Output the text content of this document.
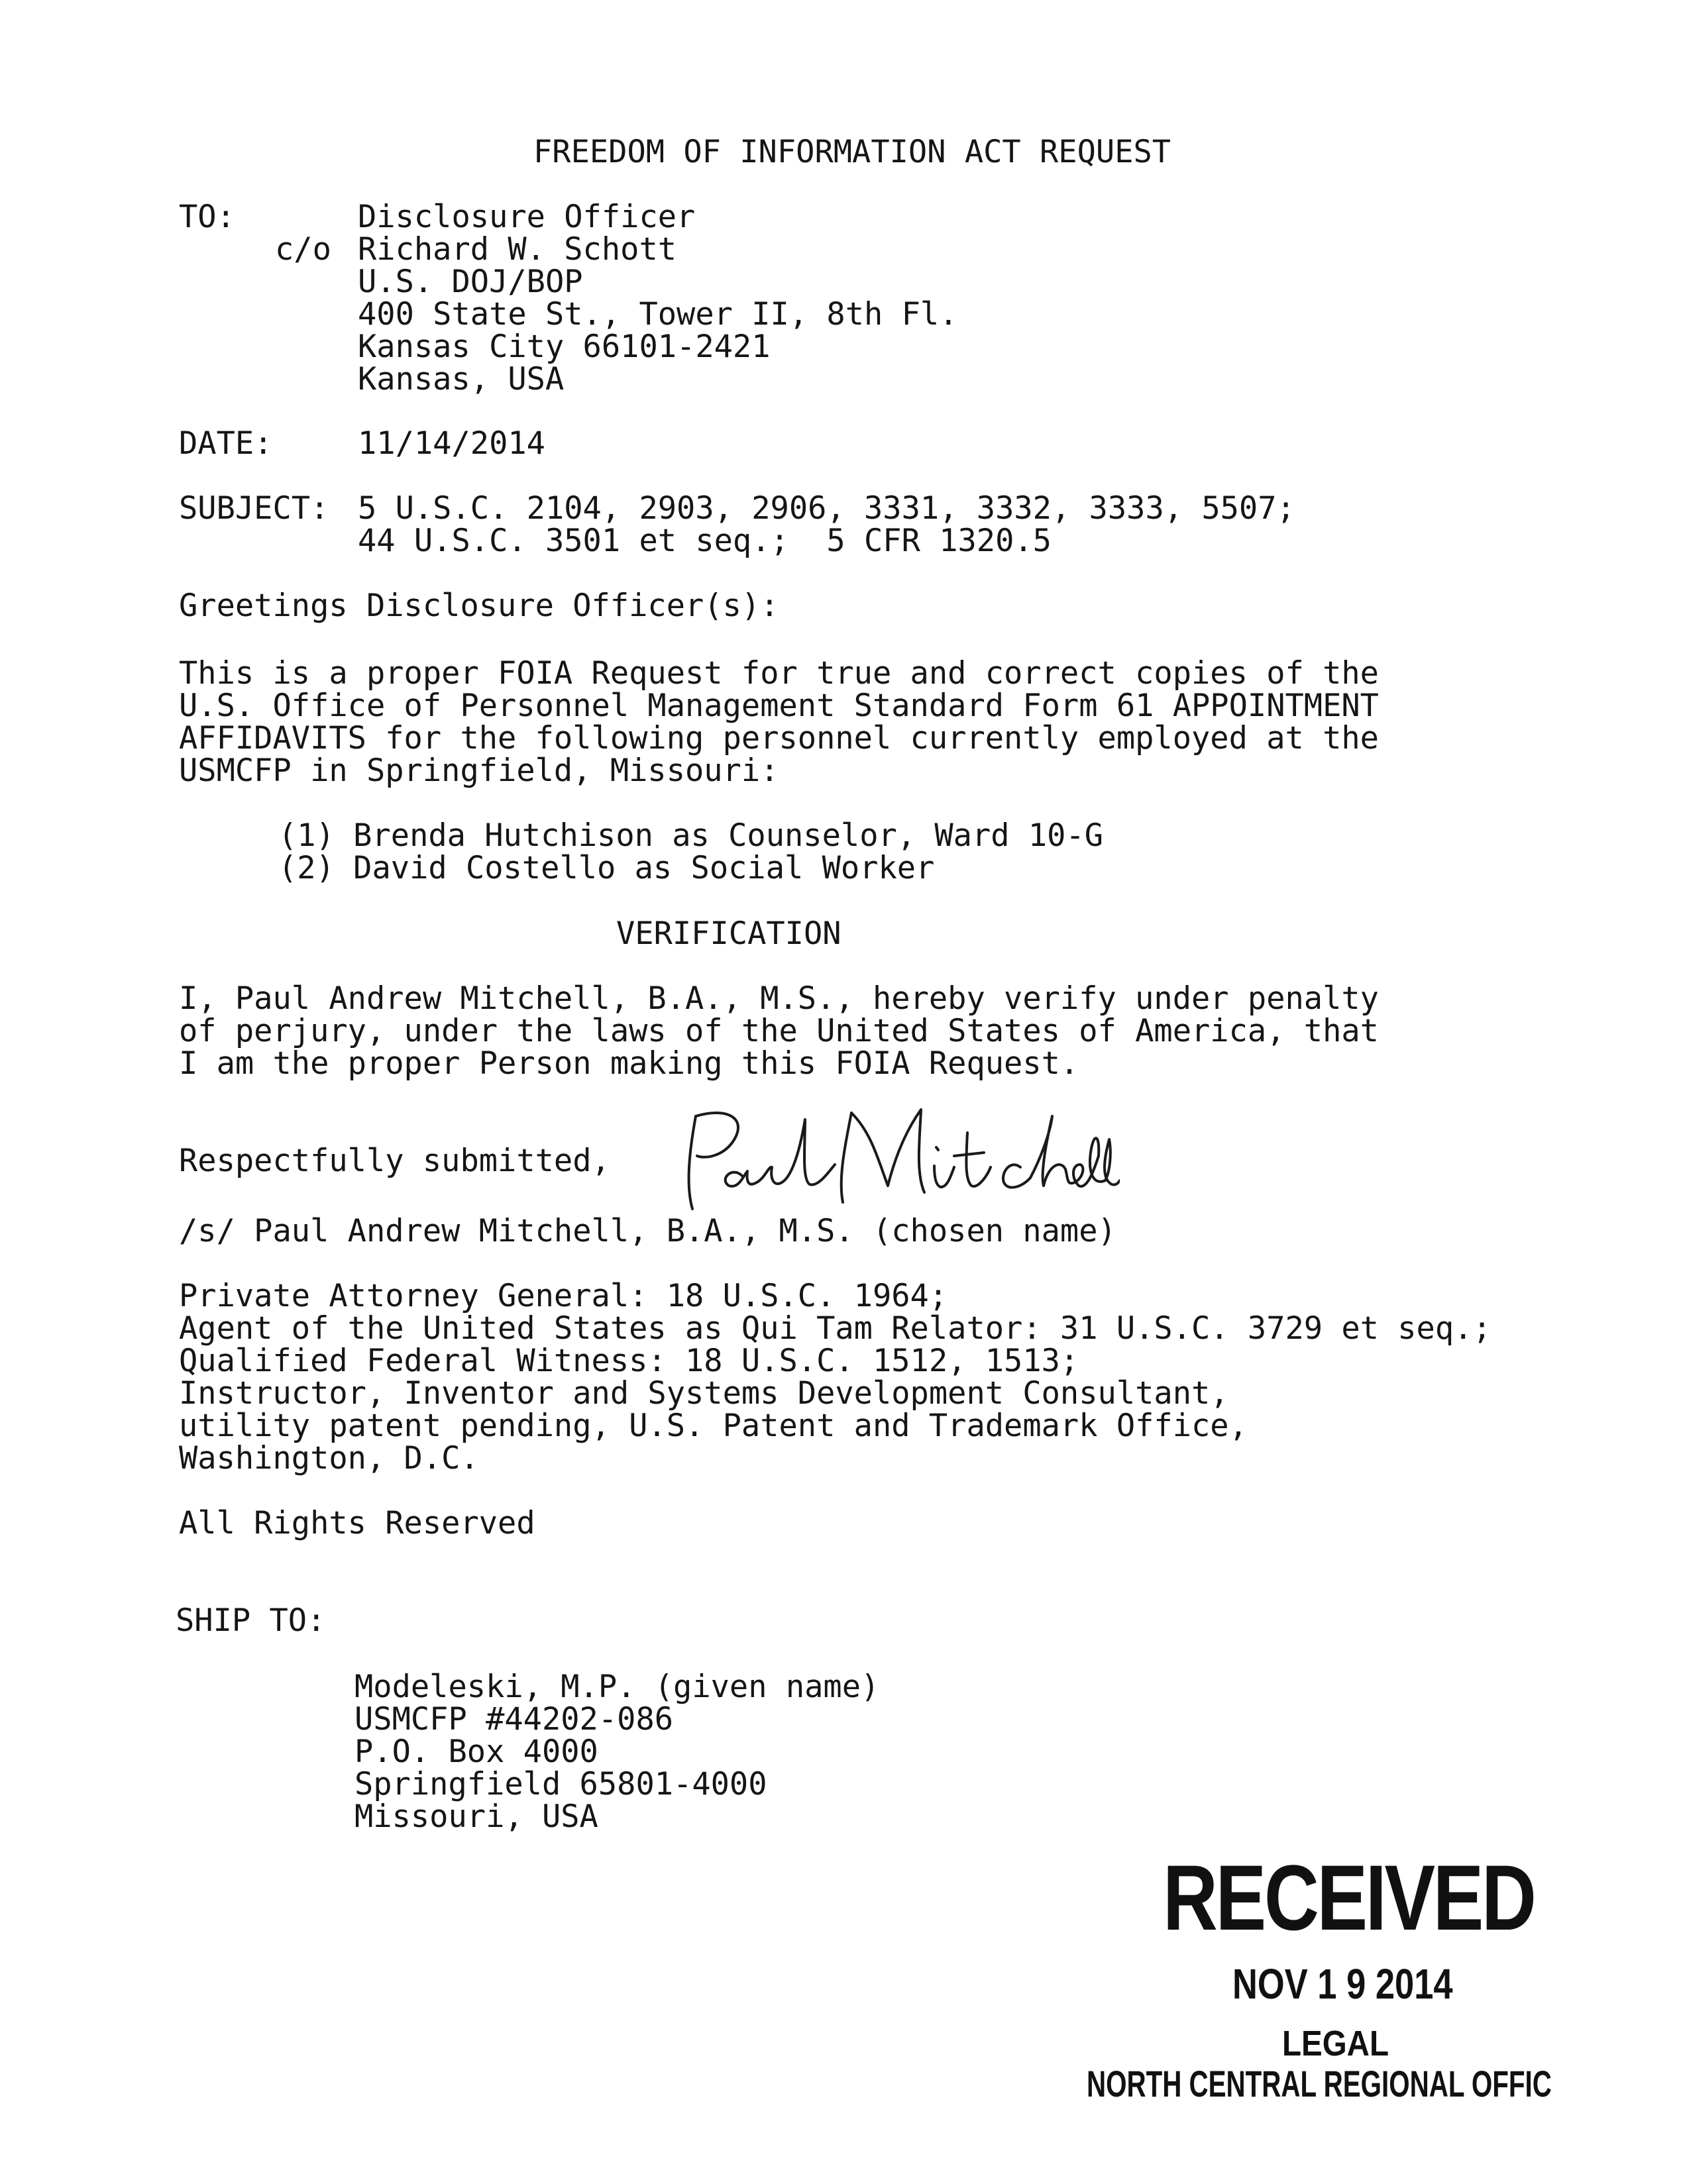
FREEDOM OF INFORMATION ACT REQUEST

TO:	Disclosure Officer

c/o Richard W. Schott

U.S. DOJ/BOP

400 State St., Tower II, 8th Fl.

Kansas City 66101-2421

Kansas, USA

DATE:	11/14/2014

SUBJECT: 5 U.S.C. 2104, 2903, 2906, 3331, 3332, 3333, 5507;

44 U.S.C. 3501 et seq.;  5 CFR 1320.5

Greetings Disclosure Officer(s):

This is a proper FOIA Request for true and correct copies of the

U.S. Office of Personnel Management Standard Form 61 APPOINTMENT

AFFIDAVITS for the following personnel currently employed at the

USMCFP in Springfield, Missouri:

(1) Brenda Hutchison as Counselor, Ward 10-G

(2) David Costello as Social Worker

VERIFICATION

I, Paul Andrew Mitchell, B.A., M.S., hereby verify under penalty

of perjury, under the laws of the United States of America, that

I am the proper Person making this FOIA Request.

Respectfully submitted,

Paul Mitchell

/s/ Paul Andrew Mitchell, B.A., M.S. (chosen name)

Private Attorney General: 18 U.S.C. 1964;

Agent of the United States as Qui Tam Relator: 31 U.S.C. 3729 et seq.;

Qualified Federal Witness: 18 U.S.C. 1512, 1513;

Instructor, Inventor and Systems Development Consultant,

utility patent pending, U.S. Patent and Trademark Office,

Washington, D.C.

All Rights Reserved

SHIP TO:

Modeleski, M.P. (given name)

USMCFP #44202-086

P.O. Box 4000

Springfield 65801-4000

Missouri, USA

RECEIVED

NOV 1 9 2014

LEGAL

NORTH CENTRAL REGIONAL OFFIC
